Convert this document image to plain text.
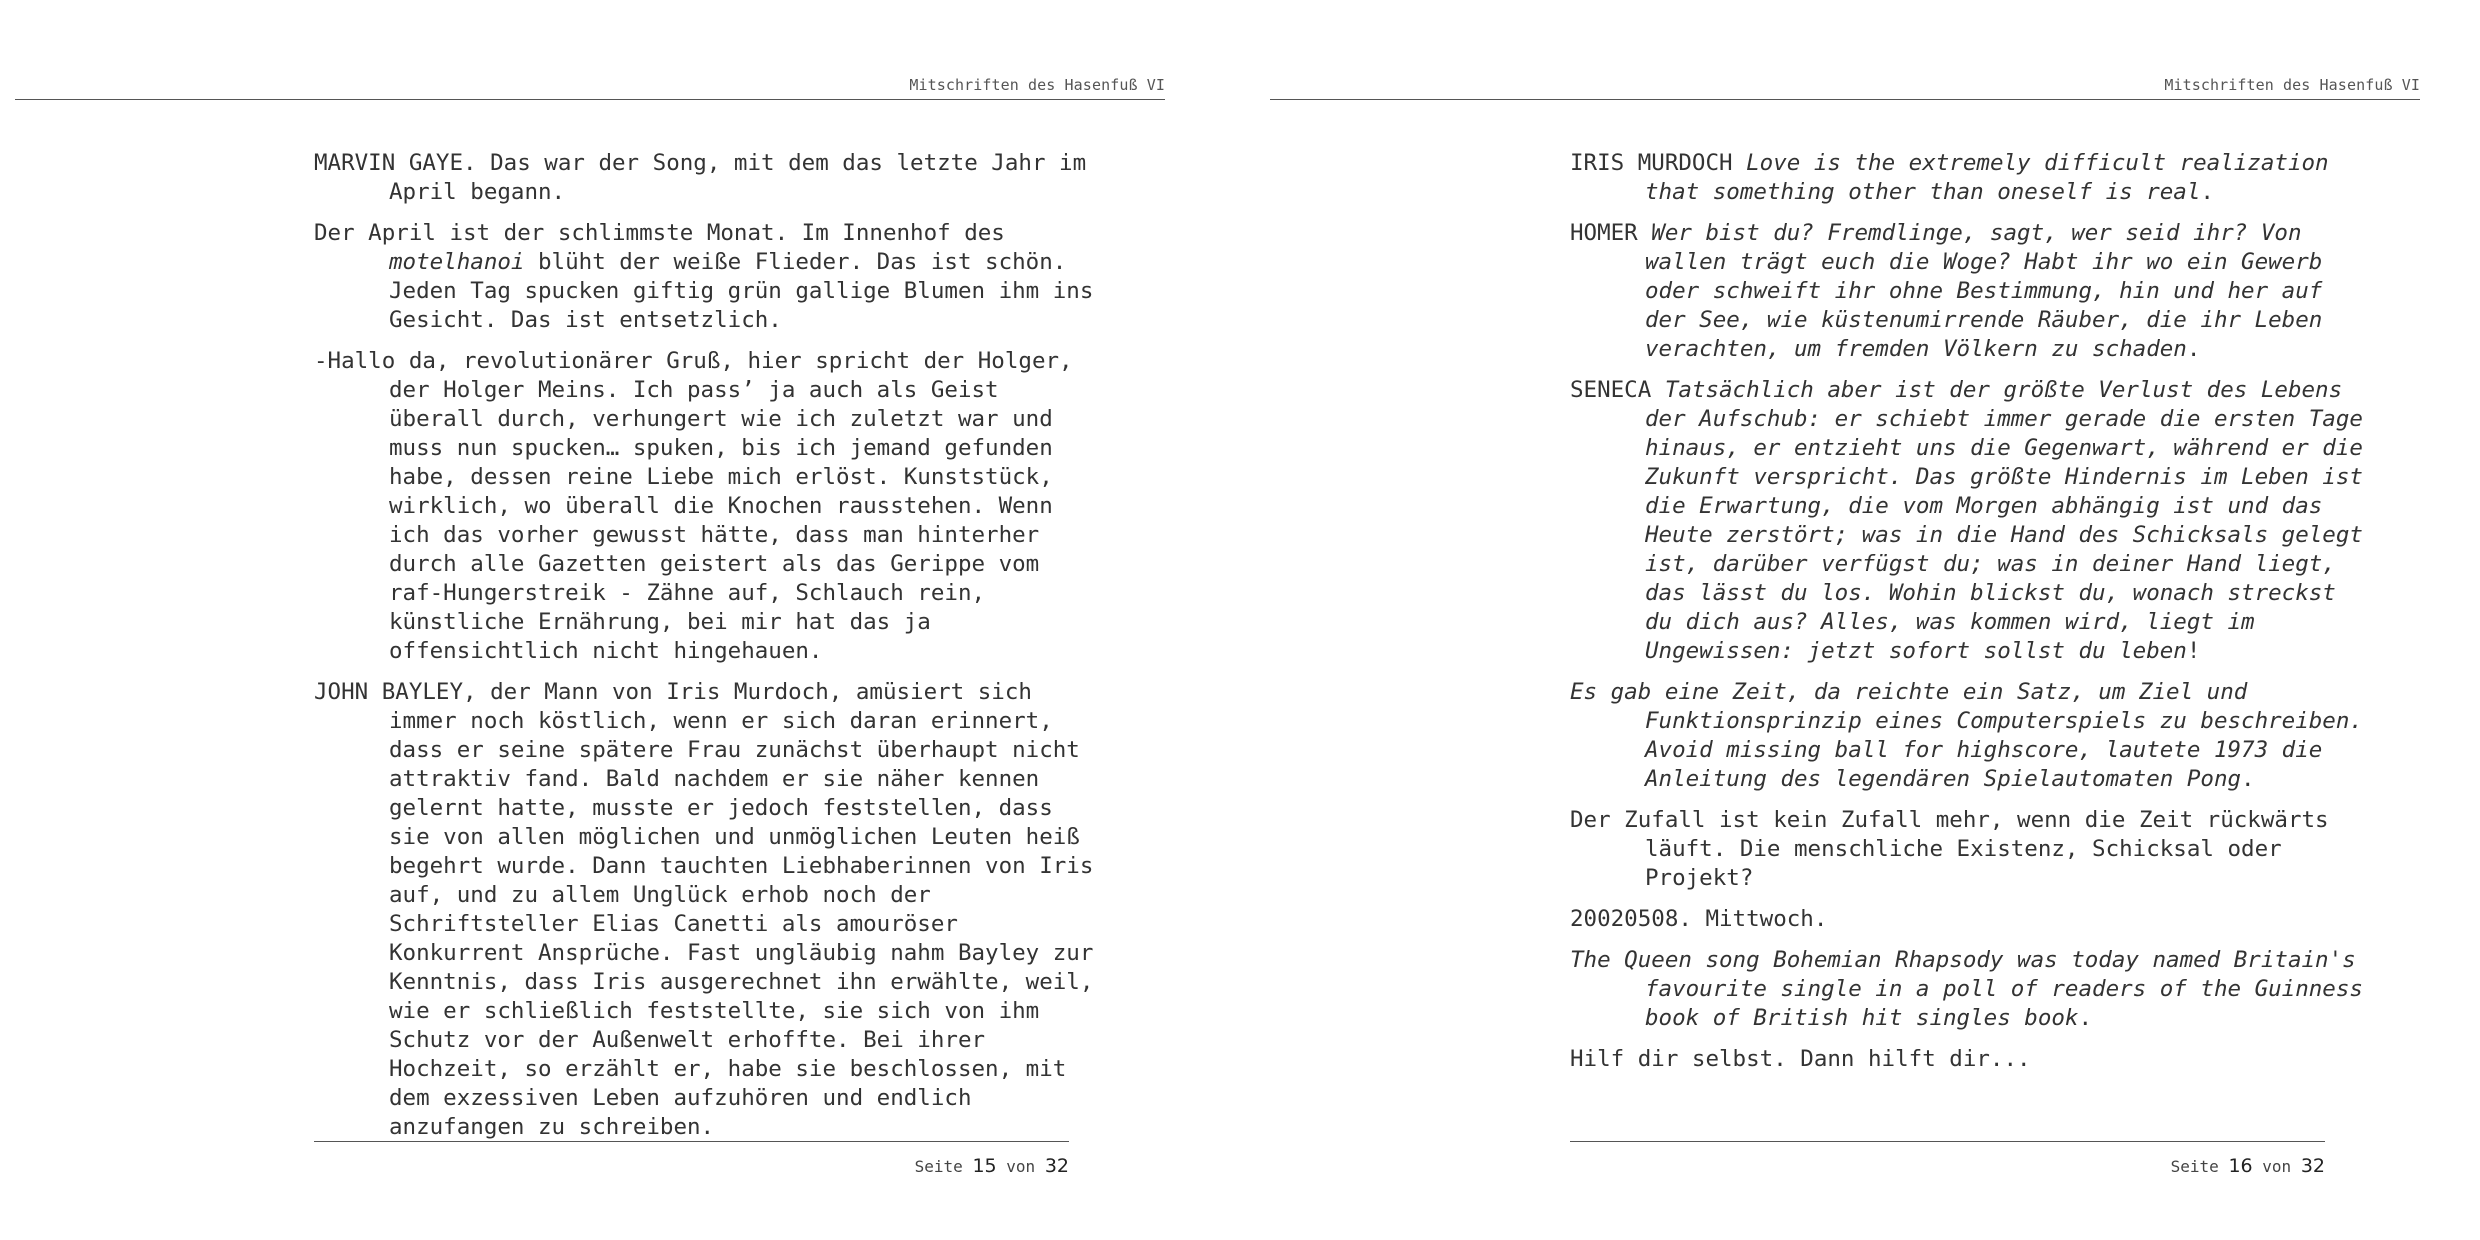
Mitschriften des Hasenfuß VI

MARVIN GAYE. Das war der Song, mit dem das letzte Jahr im April begann.

Der April ist der schlimmste Monat. Im Innenhof des motelhanoi blüht der weiße Flieder. Das ist schön. Jeden Tag spucken giftig grün gallige Blumen ihm ins Gesicht. Das ist entsetzlich.

-Hallo da, revolutionärer Gruß, hier spricht der Holger, der Holger Meins. Ich pass’ ja auch als Geist überall durch, verhungert wie ich zuletzt war und muss nun spucken… spuken, bis ich jemand gefunden habe, dessen reine Liebe mich erlöst. Kunststück, wirklich, wo überall die Knochen rausstehen. Wenn ich das vorher gewusst hätte, dass man hinterher durch alle Gazetten geistert als das Gerippe vom raf-Hungerstreik - Zähne auf, Schlauch rein, künstliche Ernährung, bei mir hat das ja offensichtlich nicht hingehauen.

JOHN BAYLEY, der Mann von Iris Murdoch, amüsiert sich immer noch köstlich, wenn er sich daran erinnert, dass er seine spätere Frau zunächst überhaupt nicht attraktiv fand. Bald nachdem er sie näher kennen gelernt hatte, musste er jedoch feststellen, dass sie von allen möglichen und unmöglichen Leuten heiß begehrt wurde. Dann tauchten Liebhaberinnen von Iris auf, und zu allem Unglück erhob noch der Schriftsteller Elias Canetti als amouröser Konkurrent Ansprüche. Fast ungläubig nahm Bayley zur Kenntnis, dass Iris ausgerechnet ihn erwählte, weil, wie er schließlich feststellte, sie sich von ihm Schutz vor der Außenwelt erhoffte. Bei ihrer Hochzeit, so erzählt er, habe sie beschlossen, mit dem exzessiven Leben aufzuhören und endlich anzufangen zu schreiben.

Seite 15 von 32
Mitschriften des Hasenfuß VI

IRIS MURDOCH Love is the extremely difficult realization that something other than oneself is real.

HOMER Wer bist du? Fremdlinge, sagt, wer seid ihr? Von wallen trägt euch die Woge? Habt ihr wo ein Gewerb oder schweift ihr ohne Bestimmung, hin und her auf der See, wie küstenumirrende Räuber, die ihr Leben verachten, um fremden Völkern zu schaden.

SENECA Tatsächlich aber ist der größte Verlust des Lebens der Aufschub: er schiebt immer gerade die ersten Tage hinaus, er entzieht uns die Gegenwart, während er die Zukunft verspricht. Das größte Hindernis im Leben ist die Erwartung, die vom Morgen abhängig ist und das Heute zerstört; was in die Hand des Schicksals gelegt ist, darüber verfügst du; was in deiner Hand liegt, das lässt du los. Wohin blickst du, wonach streckst du dich aus? Alles, was kommen wird, liegt im Ungewissen: jetzt sofort sollst du leben!

Es gab eine Zeit, da reichte ein Satz, um Ziel und Funktionsprinzip eines Computerspiels zu beschreiben. Avoid missing ball for highscore, lautete 1973 die Anleitung des legendären Spielautomaten Pong.

Der Zufall ist kein Zufall mehr, wenn die Zeit rückwärts läuft. Die menschliche Existenz, Schicksal oder Projekt?

20020508. Mittwoch.

The Queen song Bohemian Rhapsody was today named Britain's favourite single in a poll of readers of the Guinness book of British hit singles book.

Hilf dir selbst. Dann hilft dir...

Seite 16 von 32
